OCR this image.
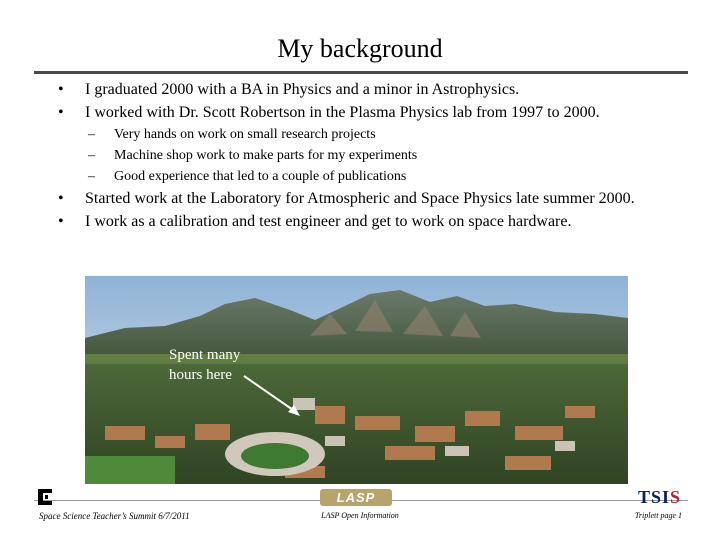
My background
• I graduated 2000 with a BA in Physics and a minor in Astrophysics.
• I worked with Dr. Scott Robertson in the Plasma Physics lab from 1997 to 2000.
– Very hands on work on small research projects
– Machine shop work to make parts for my experiments
– Good experience that led to a couple of publications
• Started work at the Laboratory for Atmospheric and Space Physics late summer 2000.
• I work as a calibration and test engineer and get to work on space hardware.
Spent many
hours here
LASP	TSIS
Space Science Teacher’s Summit 6/7/2011	LASP Open Information	Triplett page 1
